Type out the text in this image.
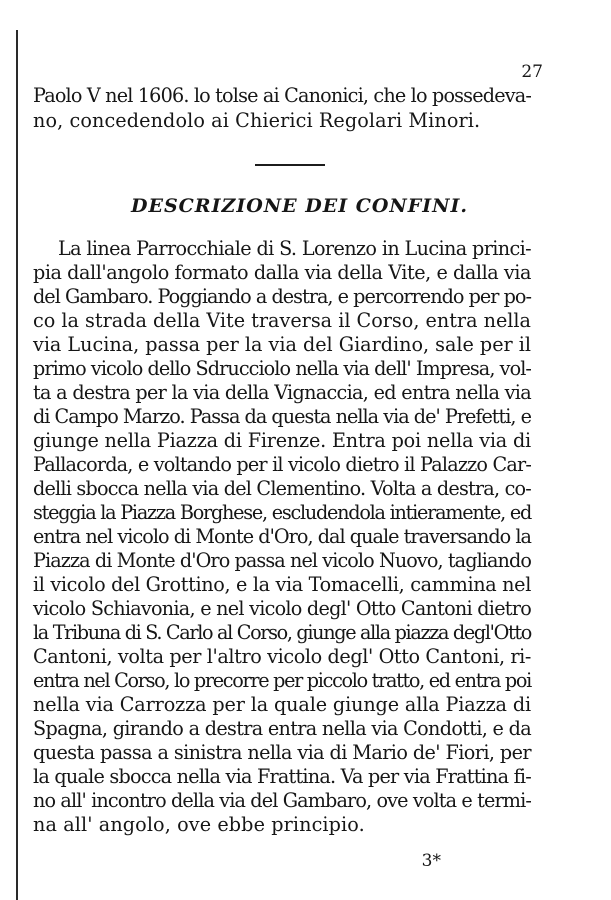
27
Paolo V nel 1606. lo tolse ai Canonici, che lo possedeva-
no, concedendolo ai Chierici Regolari Minori.
DESCRIZIONE DEI CONFINI.
La linea Parrocchiale di S. Lorenzo in Lucina princi-
pia dall'angolo formato dalla via della Vite, e dalla via
del Gambaro. Poggiando a destra, e percorrendo per po-
co la strada della Vite traversa il Corso, entra nella
via Lucina, passa per la via del Giardino, sale per il
primo vicolo dello Sdrucciolo nella via dell' Impresa, vol-
ta a destra per la via della Vignaccia, ed entra nella via
di Campo Marzo. Passa da questa nella via de' Prefetti, e
giunge nella Piazza di Firenze. Entra poi nella via di
Pallacorda, e voltando per il vicolo dietro il Palazzo Car-
delli sbocca nella via del Clementino. Volta a destra, co-
steggia la Piazza Borghese, escludendola intieramente, ed
entra nel vicolo di Monte d'Oro, dal quale traversando la
Piazza di Monte d'Oro passa nel vicolo Nuovo, tagliando
il vicolo del Grottino, e la via Tomacelli, cammina nel
vicolo Schiavonia, e nel vicolo degl' Otto Cantoni dietro
la Tribuna di S. Carlo al Corso, giunge alla piazza degl'Otto
Cantoni, volta per l'altro vicolo degl' Otto Cantoni, ri-
entra nel Corso, lo precorre per piccolo tratto, ed entra poi
nella via Carrozza per la quale giunge alla Piazza di
Spagna, girando a destra entra nella via Condotti, e da
questa passa a sinistra nella via di Mario de' Fiori, per
la quale sbocca nella via Frattina. Va per via Frattina fi-
no all' incontro della via del Gambaro, ove volta e termi-
na all' angolo, ove ebbe principio.
3*
